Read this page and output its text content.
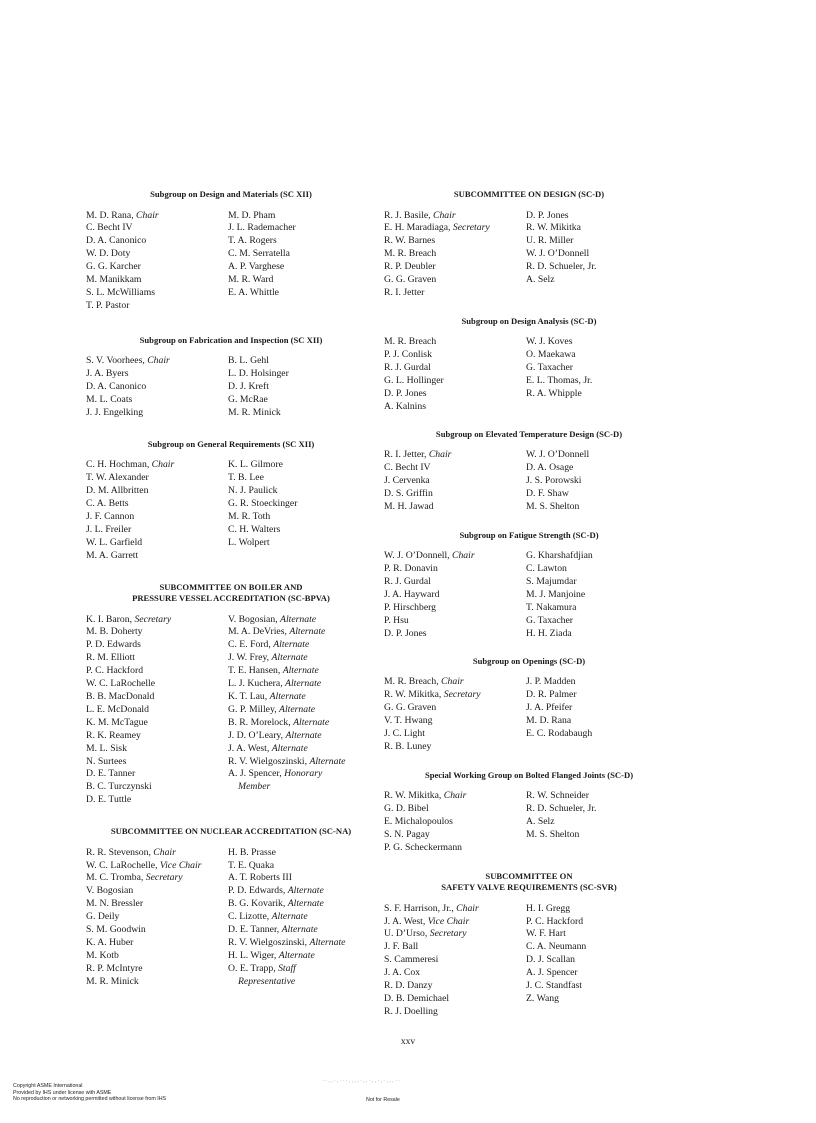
Subgroup on Design and Materials (SC XII)
M. D. Rana, Chair
C. Becht IV
D. A. Canonico
W. D. Doty
G. G. Karcher
M. Manikkam
S. L. McWilliams
T. P. Pastor
M. D. Pham
J. L. Rademacher
T. A. Rogers
C. M. Serratella
A. P. Varghese
M. R. Ward
E. A. Whittle
Subgroup on Fabrication and Inspection (SC XII)
S. V. Voorhees, Chair
J. A. Byers
D. A. Canonico
M. L. Coats
J. J. Engelking
B. L. Gehl
L. D. Holsinger
D. J. Kreft
G. McRae
M. R. Minick
Subgroup on General Requirements (SC XII)
C. H. Hochman, Chair
T. W. Alexander
D. M. Allbritten
C. A. Betts
J. F. Cannon
J. L. Freiler
W. L. Garfield
M. A. Garrett
K. L. Gilmore
T. B. Lee
N. J. Paulick
G. R. Stoeckinger
M. R. Toth
C. H. Walters
L. Wolpert
SUBCOMMITTEE ON BOILER AND
PRESSURE VESSEL ACCREDITATION (SC-BPVA)
K. I. Baron, Secretary
M. B. Doherty
P. D. Edwards
R. M. Elliott
P. C. Hackford
W. C. LaRochelle
B. B. MacDonald
L. E. McDonald
K. M. McTague
R. K. Reamey
M. L. Sisk
N. Surtees
D. E. Tanner
B. C. Turczynski
D. E. Tuttle
V. Bogosian, Alternate
M. A. DeVries, Alternate
C. E. Ford, Alternate
J. W. Frey, Alternate
T. E. Hansen, Alternate
L. J. Kuchera, Alternate
K. T. Lau, Alternate
G. P. Milley, Alternate
B. R. Morelock, Alternate
J. D. O’Leary, Alternate
J. A. West, Alternate
R. V. Wielgoszinski, Alternate
A. J. Spencer, Honorary Member
SUBCOMMITTEE ON NUCLEAR ACCREDITATION (SC-NA)
R. R. Stevenson, Chair
W. C. LaRochelle, Vice Chair
M. C. Tromba, Secretary
V. Bogosian
M. N. Bressler
G. Deily
S. M. Goodwin
K. A. Huber
M. Kotb
R. P. McIntyre
M. R. Minick
H. B. Prasse
T. E. Quaka
A. T. Roberts III
P. D. Edwards, Alternate
B. G. Kovarik, Alternate
C. Lizotte, Alternate
D. E. Tanner, Alternate
R. V. Wielgoszinski, Alternate
H. L. Wiger, Alternate
O. E. Trapp, Staff Representative
SUBCOMMITTEE ON DESIGN (SC-D)
R. J. Basile, Chair
E. H. Maradiaga, Secretary
R. W. Barnes
M. R. Breach
R. P. Deubler
G. G. Graven
R. I. Jetter
D. P. Jones
R. W. Mikitka
U. R. Miller
W. J. O’Donnell
R. D. Schueler, Jr.
A. Selz
Subgroup on Design Analysis (SC-D)
M. R. Breach
P. J. Conlisk
R. J. Gurdal
G. L. Hollinger
D. P. Jones
A. Kalnins
W. J. Koves
O. Maekawa
G. Taxacher
E. L. Thomas, Jr.
R. A. Whipple
Subgroup on Elevated Temperature Design (SC-D)
R. I. Jetter, Chair
C. Becht IV
J. Cervenka
D. S. Griffin
M. H. Jawad
W. J. O’Donnell
D. A. Osage
J. S. Porowski
D. F. Shaw
M. S. Shelton
Subgroup on Fatigue Strength (SC-D)
W. J. O’Donnell, Chair
P. R. Donavin
R. J. Gurdal
J. A. Hayward
P. Hirschberg
P. Hsu
D. P. Jones
G. Kharshafdjian
C. Lawton
S. Majumdar
M. J. Manjoine
T. Nakamura
G. Taxacher
H. H. Ziada
Subgroup on Openings (SC-D)
M. R. Breach, Chair
R. W. Mikitka, Secretary
G. G. Graven
V. T. Hwang
J. C. Light
R. B. Luney
J. P. Madden
D. R. Palmer
J. A. Pfeifer
M. D. Rana
E. C. Rodabaugh
Special Working Group on Bolted Flanged Joints (SC-D)
R. W. Mikitka, Chair
G. D. Bibel
E. Michalopoulos
S. N. Pagay
P. G. Scheckermann
R. W. Schneider
R. D. Schueler, Jr.
A. Selz
M. S. Shelton
SUBCOMMITTEE ON
SAFETY VALVE REQUIREMENTS (SC-SVR)
S. F. Harrison, Jr., Chair
J. A. West, Vice Chair
U. D’Urso, Secretary
J. F. Ball
S. Cammeresi
J. A. Cox
R. D. Danzy
D. B. Demichael
R. J. Doelling
H. I. Gregg
P. C. Hackford
W. F. Hart
C. A. Neumann
D. J. Scallan
A. J. Spencer
J. C. Standfast
Z. Wang
xxv
--,,-,---,,,,-,,-,,-,-,,,--
Copyright ASME International
Provided by IHS under license with ASME
No reproduction or networking permitted without license from IHS	Not for Resale
